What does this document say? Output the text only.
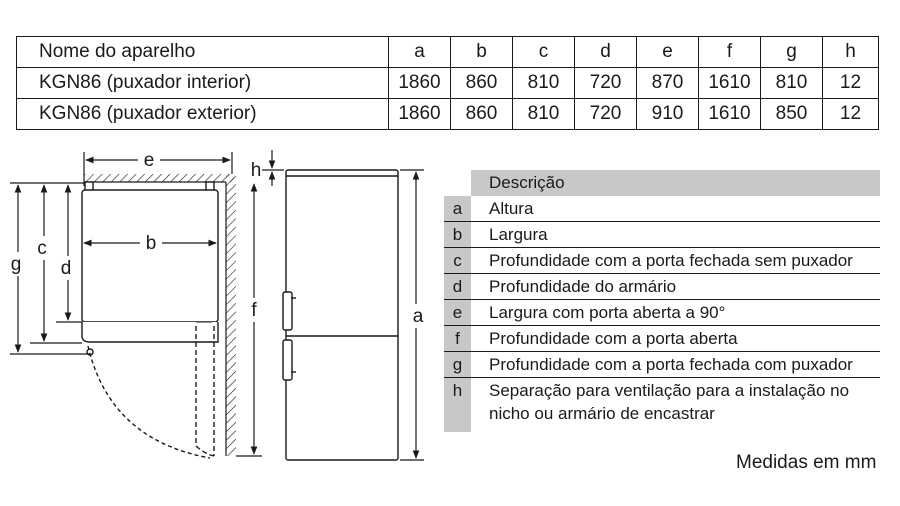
Nome do aparelho	a	b	c	d	e	f	g	h
KGN86 (puxador interior)	1860	860	810	720	870	1610	810	12
KGN86 (puxador exterior)	1860	860	810	720	910	1610	850	12
e
b
g
c
d
h
f	a
Descrição
a	Altura
b	Largura
c	Profundidade com a porta fechada sem puxador
d	Profundidade do armário
e	Largura com porta aberta a 90°
f	Profundidade com a porta aberta
g	Profundidade com a porta fechada com puxador
h	Separação para ventilação para a instalação no nicho ou armário de encastrar
Medidas em mm
